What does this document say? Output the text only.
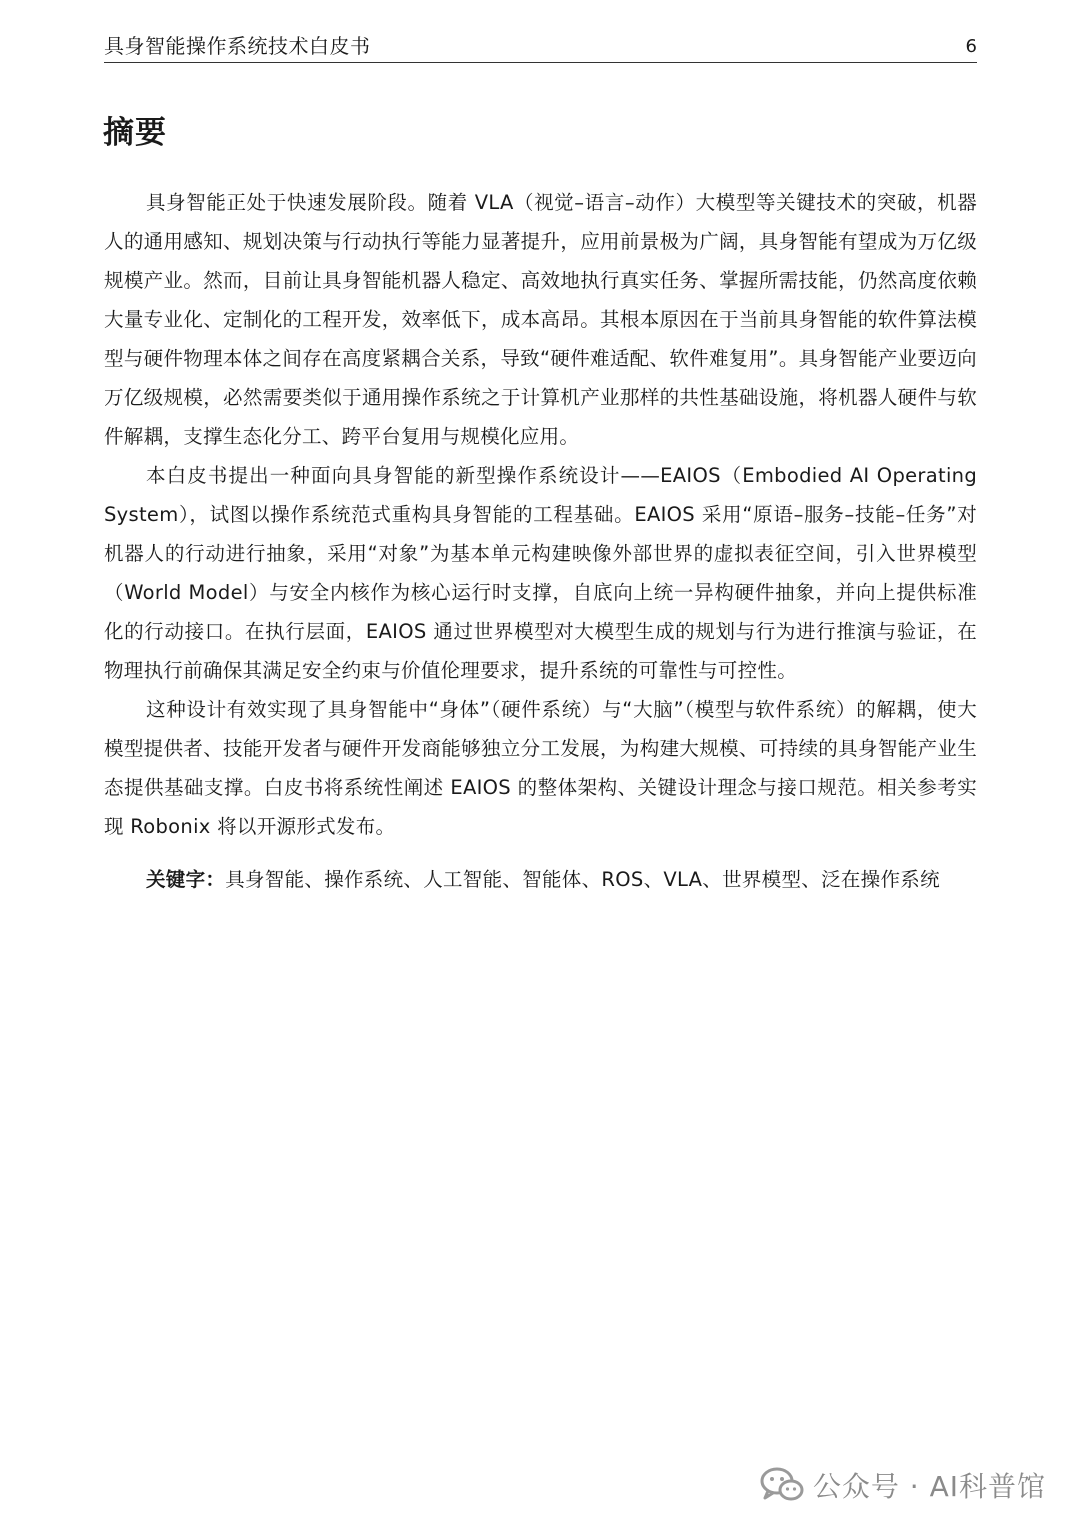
具身智能操作系统技术白皮书	6
摘要

具身智能正处于快速发展阶段。随着 VLA（视觉–语言–动作）大模型等关键技术的突破，机器人的通用感知、规划决策与行动执行等能力显著提升，应用前景极为广阔，具身智能有望成为万亿级规模产业。然而，目前让具身智能机器人稳定、高效地执行真实任务、掌握所需技能，仍然高度依赖大量专业化、定制化的工程开发，效率低下，成本高昂。其根本原因在于当前具身智能的软件算法模型与硬件物理本体之间存在高度紧耦合关系，导致“硬件难适配、软件难复用”。具身智能产业要迈向万亿级规模，必然需要类似于通用操作系统之于计算机产业那样的共性基础设施，将机器人硬件与软件解耦，支撑生态化分工、跨平台复用与规模化应用。

本白皮书提出一种面向具身智能的新型操作系统设计——EAIOS（Embodied AI Operating System），试图以操作系统范式重构具身智能的工程基础。EAIOS 采用“原语–服务–技能–任务”对机器人的行动进行抽象，采用“对象”为基本单元构建映像外部世界的虚拟表征空间，引入世界模型（World Model）与安全内核作为核心运行时支撑，自底向上统一异构硬件抽象，并向上提供标准化的行动接口。在执行层面，EAIOS 通过世界模型对大模型生成的规划与行为进行推演与验证，在物理执行前确保其满足安全约束与价值伦理要求，提升系统的可靠性与可控性。

这种设计有效实现了具身智能中“身体”（硬件系统）与“大脑”（模型与软件系统）的解耦，使大模型提供者、技能开发者与硬件开发商能够独立分工发展，为构建大规模、可持续的具身智能产业生态提供基础支撑。白皮书将系统性阐述 EAIOS 的整体架构、关键设计理念与接口规范。相关参考实现 Robonix 将以开源形式发布。

关键字：具身智能、操作系统、人工智能、智能体、ROS、VLA、世界模型、泛在操作系统

公众号 · AI科普馆
